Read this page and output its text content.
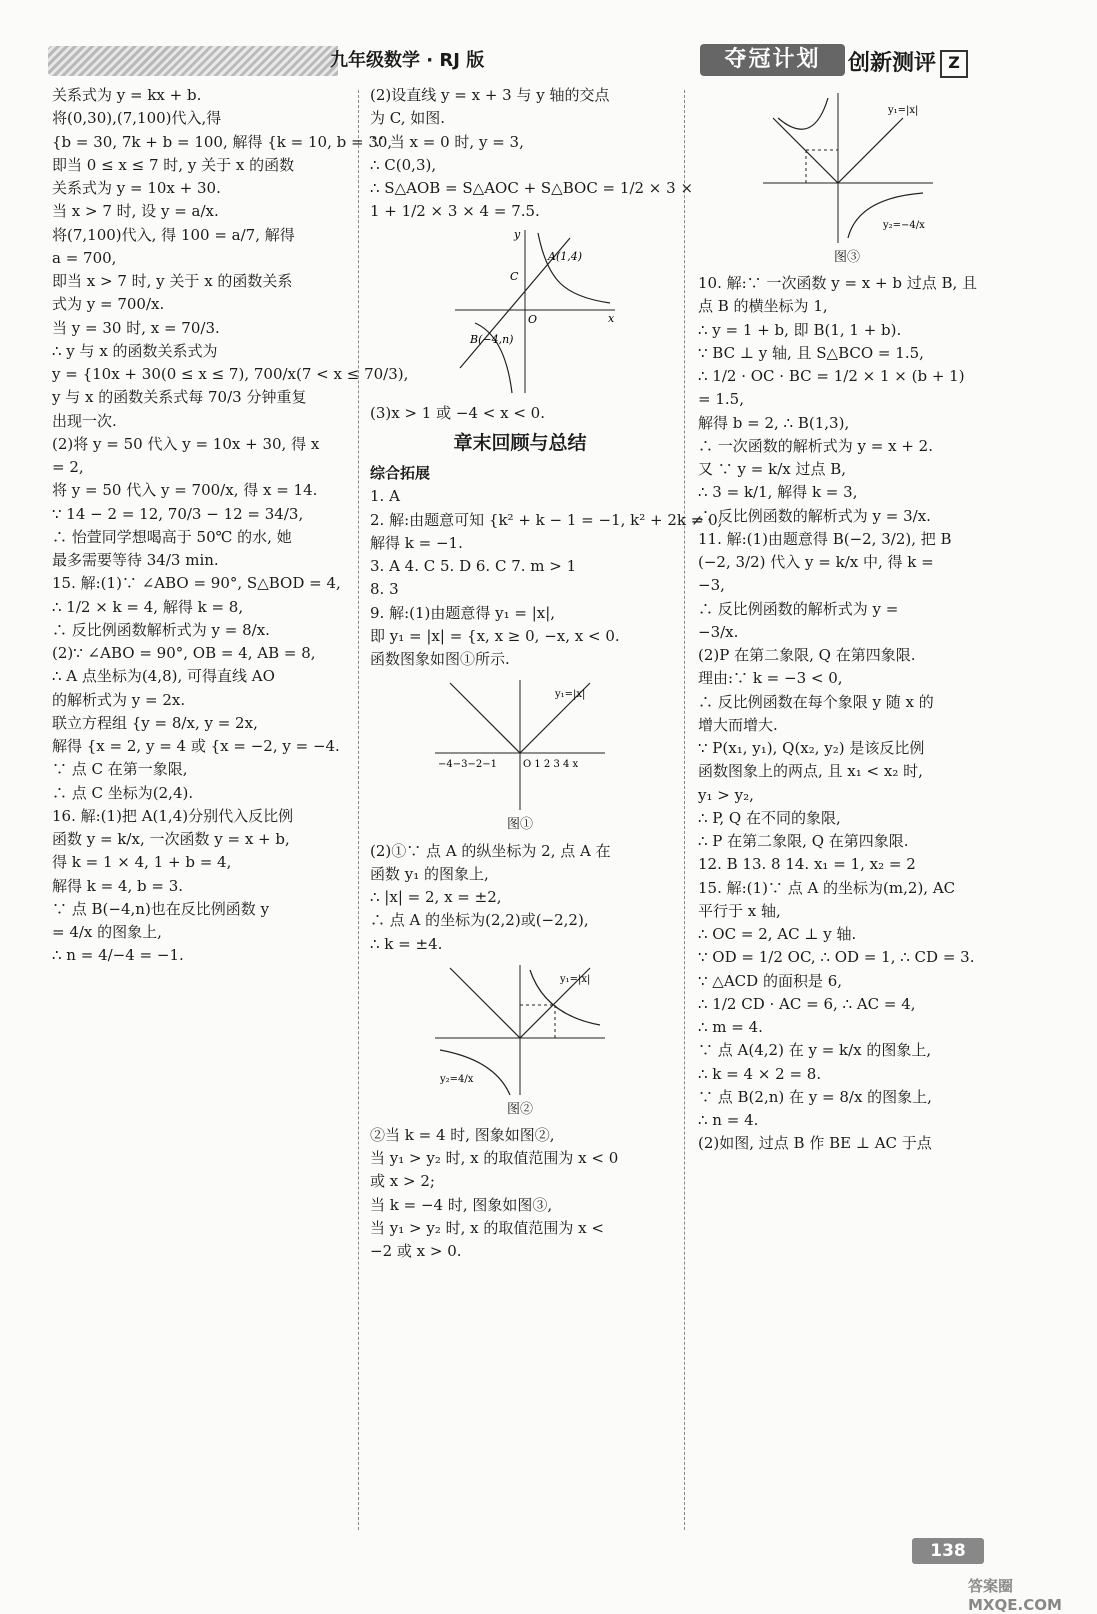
九年级数学 · RJ 版	夺冠计划	创新测评 Z
关系式为 y = kx + b.
将(0,30),(7,100)代入,得
{b = 30, 7k + b = 100, 解得 {k = 10, b = 30,
即当 0 ≤ x ≤ 7 时, y 关于 x 的函数
关系式为 y = 10x + 30.
当 x > 7 时, 设 y = a/x.
将(7,100)代入, 得 100 = a/7, 解得
a = 700,
即当 x > 7 时, y 关于 x 的函数关系
式为 y = 700/x.
当 y = 30 时, x = 70/3.
∴ y 与 x 的函数关系式为
y = {10x + 30(0 ≤ x ≤ 7), 700/x(7 < x ≤ 70/3),
y 与 x 的函数关系式每 70/3 分钟重复
出现一次.
(2)将 y = 50 代入 y = 10x + 30, 得 x
= 2,
将 y = 50 代入 y = 700/x, 得 x = 14.
∵ 14 − 2 = 12, 70/3 − 12 = 34/3,
∴ 怡萱同学想喝高于 50℃ 的水, 她
最多需要等待 34/3 min.
15. 解:(1)∵ ∠ABO = 90°, S△BOD = 4,
∴ 1/2 × k = 4, 解得 k = 8,
∴ 反比例函数解析式为 y = 8/x.
(2)∵ ∠ABO = 90°, OB = 4, AB = 8,
∴ A 点坐标为(4,8), 可得直线 AO
的解析式为 y = 2x.
联立方程组 {y = 8/x, y = 2x,
解得 {x = 2, y = 4 或 {x = −2, y = −4.
∵ 点 C 在第一象限,
∴ 点 C 坐标为(2,4).
16. 解:(1)把 A(1,4)分别代入反比例
函数 y = k/x, 一次函数 y = x + b,
得 k = 1 × 4, 1 + b = 4,
解得 k = 4, b = 3.
∵ 点 B(−4,n)也在反比例函数 y
= 4/x 的图象上,
∴ n = 4/−4 = −1.
(2)设直线 y = x + 3 与 y 轴的交点
为 C, 如图.
∵ 当 x = 0 时, y = 3,
∴ C(0,3),
∴ S△AOB = S△AOC + S△BOC = 1/2 × 3 ×
1 + 1/2 × 3 × 4 = 7.5.
A(1,4)
B(−4,n)
C
O	x
y
(3)x > 1 或 −4 < x < 0.
章末回顾与总结
综合拓展
1. A
2. 解:由题意可知 {k² + k − 1 = −1, k² + 2k ≠ 0,
解得 k = −1.
3. A 4. C 5. D 6. C 7. m > 1
8. 3
9. 解:(1)由题意得 y₁ = |x|,
即 y₁ = |x| = {x, x ≥ 0, −x, x < 0.
函数图象如图①所示.
y₁=|x|
−4−3−2−1	O 1 2 3 4 x
图①
(2)①∵ 点 A 的纵坐标为 2, 点 A 在
函数 y₁ 的图象上,
∴ |x| = 2, x = ±2,
∴ 点 A 的坐标为(2,2)或(−2,2),
∴ k = ±4.
y₁=|x|
y₂=4/x
图②
②当 k = 4 时, 图象如图②,
当 y₁ > y₂ 时, x 的取值范围为 x < 0
或 x > 2;
当 k = −4 时, 图象如图③,
当 y₁ > y₂ 时, x 的取值范围为 x <
−2 或 x > 0.
y₁=|x|
y₂=−4/x
图③
10. 解:∵ 一次函数 y = x + b 过点 B, 且
点 B 的横坐标为 1,
∴ y = 1 + b, 即 B(1, 1 + b).
∵ BC ⊥ y 轴, 且 S△BCO = 1.5,
∴ 1/2 · OC · BC = 1/2 × 1 × (b + 1)
= 1.5,
解得 b = 2, ∴ B(1,3),
∴ 一次函数的解析式为 y = x + 2.
又 ∵ y = k/x 过点 B,
∴ 3 = k/1, 解得 k = 3,
∴ 反比例函数的解析式为 y = 3/x.
11. 解:(1)由题意得 B(−2, 3/2), 把 B
(−2, 3/2) 代入 y = k/x 中, 得 k =
−3,
∴ 反比例函数的解析式为 y =
−3/x.
(2)P 在第二象限, Q 在第四象限.
理由:∵ k = −3 < 0,
∴ 反比例函数在每个象限 y 随 x 的
增大而增大.
∵ P(x₁, y₁), Q(x₂, y₂) 是该反比例
函数图象上的两点, 且 x₁ < x₂ 时,
y₁ > y₂,
∴ P, Q 在不同的象限,
∴ P 在第二象限, Q 在第四象限.
12. B 13. 8 14. x₁ = 1, x₂ = 2
15. 解:(1)∵ 点 A 的坐标为(m,2), AC
平行于 x 轴,
∴ OC = 2, AC ⊥ y 轴.
∵ OD = 1/2 OC, ∴ OD = 1, ∴ CD = 3.
∵ △ACD 的面积是 6,
∴ 1/2 CD · AC = 6, ∴ AC = 4,
∴ m = 4.
∵ 点 A(4,2) 在 y = k/x 的图象上,
∴ k = 4 × 2 = 8.
∵ 点 B(2,n) 在 y = 8/x 的图象上,
∴ n = 4.
(2)如图, 过点 B 作 BE ⊥ AC 于点
138
答案圈 MXQE.COM
